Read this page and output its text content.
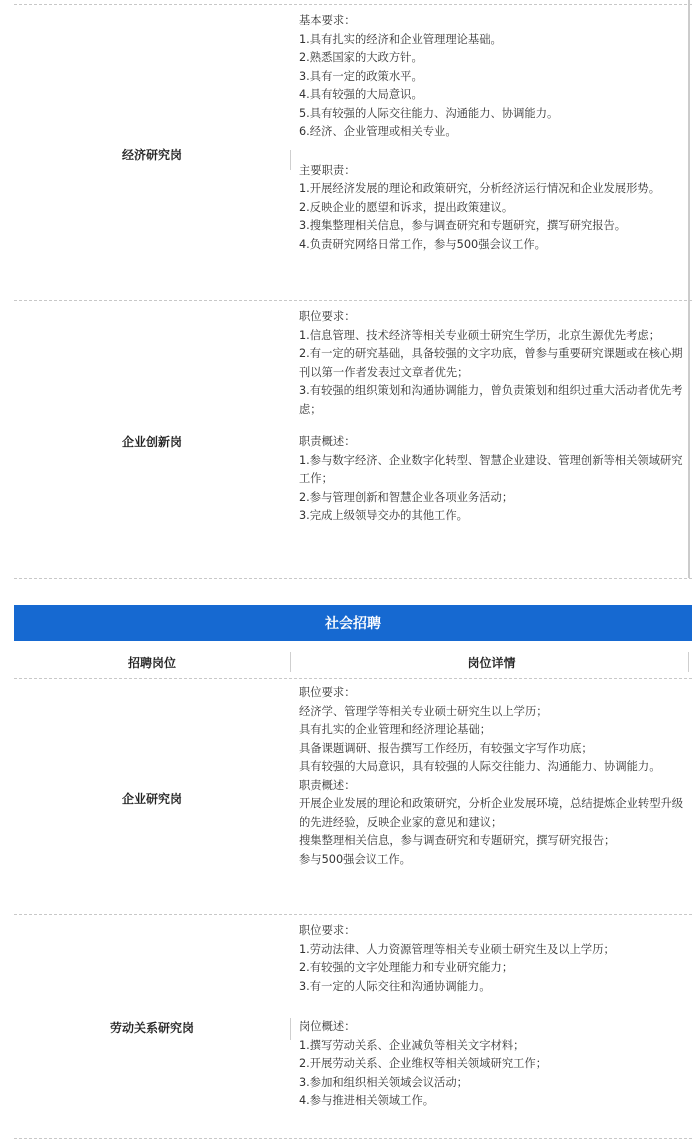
经济研究岗

基本要求：

1.具有扎实的经济和企业管理理论基础。

2.熟悉国家的大政方针。

3.具有一定的政策水平。

4.具有较强的大局意识。

5.具有较强的人际交往能力、沟通能力、协调能力。

6.经济、企业管理或相关专业。

主要职责：

1.开展经济发展的理论和政策研究，分析经济运行情况和企业发展形势。

2.反映企业的愿望和诉求，提出政策建议。

3.搜集整理相关信息，参与调查研究和专题研究，撰写研究报告。

4.负责研究网络日常工作，参与500强会议工作。

企业创新岗

职位要求：

1.信息管理、技术经济等相关专业硕士研究生学历，北京生源优先考虑；

2.有一定的研究基础，具备较强的文字功底，曾参与重要研究课题或在核心期刊以第一作者发表过文章者优先；

3.有较强的组织策划和沟通协调能力，曾负责策划和组织过重大活动者优先考虑；

职责概述：

1.参与数字经济、企业数字化转型、智慧企业建设、管理创新等相关领域研究工作；

2.参与管理创新和智慧企业各项业务活动；

3.完成上级领导交办的其他工作。

社会招聘
招聘岗位	岗位详情
企业研究岗

职位要求：

经济学、管理学等相关专业硕士研究生以上学历；

具有扎实的企业管理和经济理论基础；

具备课题调研、报告撰写工作经历，有较强文字写作功底；

具有较强的大局意识，具有较强的人际交往能力、沟通能力、协调能力。

职责概述：

开展企业发展的理论和政策研究，分析企业发展环境，总结提炼企业转型升级的先进经验，反映企业家的意见和建议；

搜集整理相关信息，参与调查研究和专题研究，撰写研究报告；

参与500强会议工作。

劳动关系研究岗

职位要求：

1.劳动法律、人力资源管理等相关专业硕士研究生及以上学历；

2.有较强的文字处理能力和专业研究能力；

3.有一定的人际交往和沟通协调能力。

岗位概述：

1.撰写劳动关系、企业减负等相关文字材料；

2.开展劳动关系、企业维权等相关领域研究工作；

3.参加和组织相关领域会议活动；

4.参与推进相关领域工作。
